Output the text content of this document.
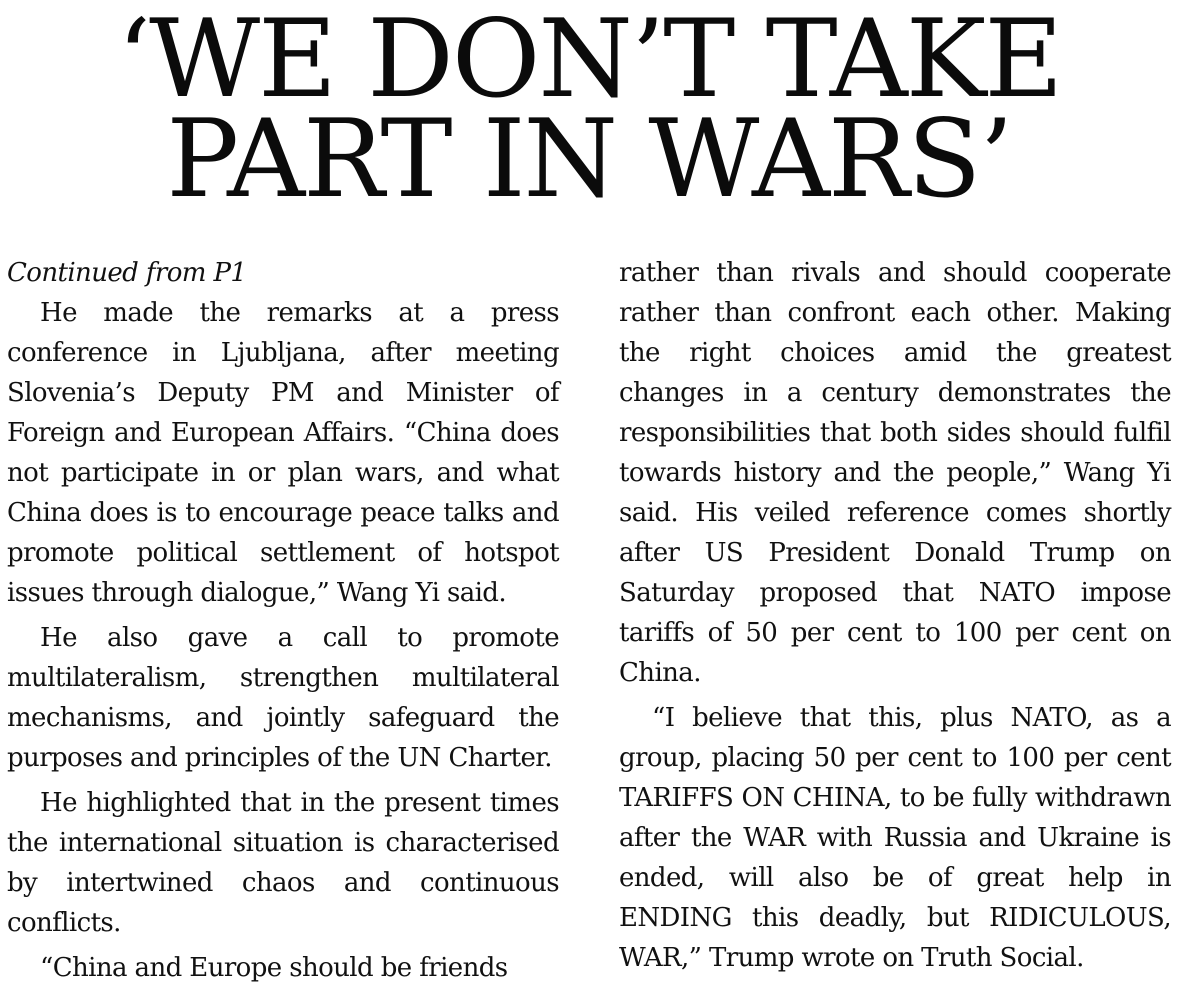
‘WE DON’T TAKE
PART IN WARS’

Continued from P1

He made the remarks at a press conference in Ljubljana, after meeting Slovenia’s Deputy PM and Minister of Foreign and European Affairs. “China does not participate in or plan wars, and what China does is to encourage peace talks and promote political settlement of hotspot issues through dialogue,” Wang Yi said.

He also gave a call to promote multilateralism, strengthen multilateral mechanisms, and jointly safeguard the purposes and principles of the UN Charter.

He highlighted that in the present times the international situation is characterised by intertwined chaos and continuous conflicts.

“China and Europe should be friends

rather than rivals and should cooperate rather than confront each other. Making the right choices amid the greatest changes in a century demonstrates the responsibilities that both sides should fulfil towards history and the people,” Wang Yi said. His veiled reference comes shortly after US President Donald Trump on Saturday proposed that NATO impose tariffs of 50 per cent to 100 per cent on China.

“I believe that this, plus NATO, as a group, placing 50 per cent to 100 per cent TARIFFS ON CHINA, to be fully withdrawn after the WAR with Russia and Ukraine is ended, will also be of great help in ENDING this deadly, but RIDICULOUS, WAR,” Trump wrote on Truth Social.
